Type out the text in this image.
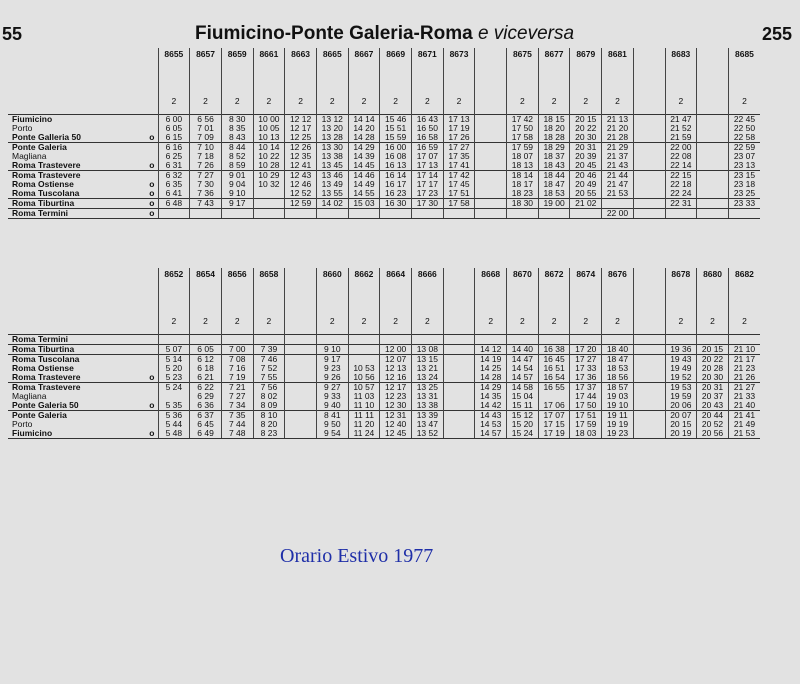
55	Fiumicino-Ponte Galeria-Roma e viceversa	255
	8655	8657	8659	8661	8663	8665	8667	8669	8671	8673		8675	8677	8679	8681		8683		8685

	2	2	2	2	2	2	2	2	2	2		2	2	2	2		2		2

Fiumicino	6 00	6 56	8 30	10 00	12 12	13 12	14 14	15 46	16 43	17 13		17 42	18 15	20 15	21 13		21 47		22 45
Porto	6 05	7 01	8 35	10 05	12 17	13 20	14 20	15 51	16 50	17 19		17 50	18 20	20 22	21 20		21 52		22 50
Ponte Galleria 50 o	6 15	7 09	8 43	10 13	12 25	13 28	14 28	15 59	16 58	17 26		17 58	18 28	20 30	21 28		21 59		22 58
Ponte Galeria	6 16	7 10	8 44	10 14	12 26	13 30	14 29	16 00	16 59	17 27		17 59	18 29	20 31	21 29		22 00		22 59
Magliana	6 25	7 18	8 52	10 22	12 35	13 38	14 39	16 08	17 07	17 35		18 07	18 37	20 39	21 37		22 08		23 07
Roma Trastevere o	6 31	7 26	8 59	10 28	12 41	13 45	14 45	16 13	17 13	17 41		18 13	18 43	20 45	21 43		22 14		23 13
Roma Trastevere	6 32	7 27	9 01	10 29	12 43	13 46	14 46	16 14	17 14	17 42		18 14	18 44	20 46	21 44		22 15		23 15
Roma Ostiense o	6 35	7 30	9 04	10 32	12 46	13 49	14 49	16 17	17 17	17 45		18 17	18 47	20 49	21 47		22 18		23 18
Roma Tuscolana o	6 41	7 36	9 10		12 52	13 55	14 55	16 23	17 23	17 51		18 23	18 53	20 55	21 53		22 24		23 25
Roma Tiburtina o	6 48	7 43	9 17		12 59	14 02	15 03	16 30	17 30	17 58		18 30	19 00	21 02			22 31		23 33
Roma Termini o															22 00				
	8652	8654	8656	8658		8660	8662	8664	8666		8668	8670	8672	8674	8676		8678	8680	8682

	2	2	2	2		2	2	2	2		2	2	2	2	2		2	2	2

Roma Termini

Roma Tiburtina	5 07	6 05	7 00	7 39		9 10		12 00	13 08		14 12	14 40	16 38	17 20	18 40		19 36	20 15	21 10
Roma Tuscolana	5 14	6 12	7 08	7 46		9 17		12 07	13 15		14 19	14 47	16 45	17 27	18 47		19 43	20 22	21 17
Roma Ostiense	5 20	6 18	7 16	7 52		9 23	10 53	12 13	13 21		14 25	14 54	16 51	17 33	18 53		19 49	20 28	21 23
Roma Trastevere o	5 23	6 21	7 19	7 55		9 26	10 56	12 16	13 24		14 28	14 57	16 54	17 36	18 56		19 52	20 30	21 26
Roma Trastevere	5 24	6 22	7 21	7 56		9 27	10 57	12 17	13 25		14 29	14 58	16 55	17 37	18 57		19 53	20 31	21 27
Magliana		6 29	7 27	8 02		9 33	11 03	12 23	13 31		14 35	15 04		17 44	19 03		19 59	20 37	21 33
Ponte Galeria 50 o	5 35	6 36	7 34	8 09		9 40	11 10	12 30	13 38		14 42	15 11	17 06	17 50	19 10		20 06	20 43	21 40
Ponte Galeria	5 36	6 37	7 35	8 10		8 41	11 11	12 31	13 39		14 43	15 12	17 07	17 51	19 11		20 07	20 44	21 41
Porto	5 44	6 45	7 44	8 20		9 50	11 20	12 40	13 47		14 53	15 20	17 15	17 59	19 19		20 15	20 52	21 49
Fiumicino o	5 48	6 49	7 48	8 23		9 54	11 24	12 45	13 52		14 57	15 24	17 19	18 03	19 23		20 19	20 56	21 53
Orario Estivo 1977
